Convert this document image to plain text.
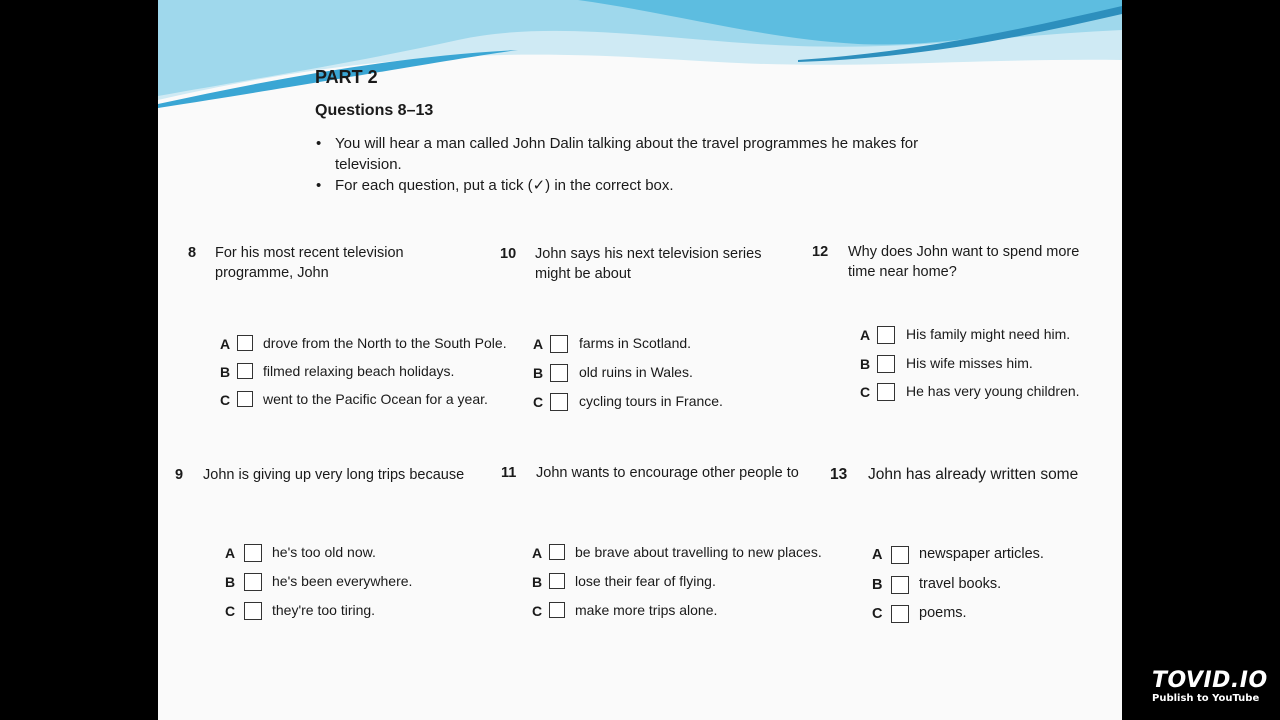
PART 2
Questions 8–13
• You will hear a man called John Dalin talking about the travel programmes he makes for television.
• For each question, put a tick (✓) in the correct box.
8 For his most recent television programme, John
A drove from the North to the South Pole.
B filmed relaxing beach holidays.
C went to the Pacific Ocean for a year.
10 John says his next television series might be about
A	farms in Scotland.
B	old ruins in Wales.
C	cycling tours in France.
12 Why does John want to spend more time near home?
A	His family might need him.
B	His wife misses him.
C	He has very young children.
9 John is giving up very long trips because
A	he's too old now.
B	he's been everywhere.
C	they're too tiring.
11 John wants to encourage other people to
A be brave about travelling to new places.
B lose their fear of flying.
C make more trips alone.
13 John has already written some
A	newspaper articles.
B	travel books.
C	poems.
TOVID.IO
Publish to YouTube
